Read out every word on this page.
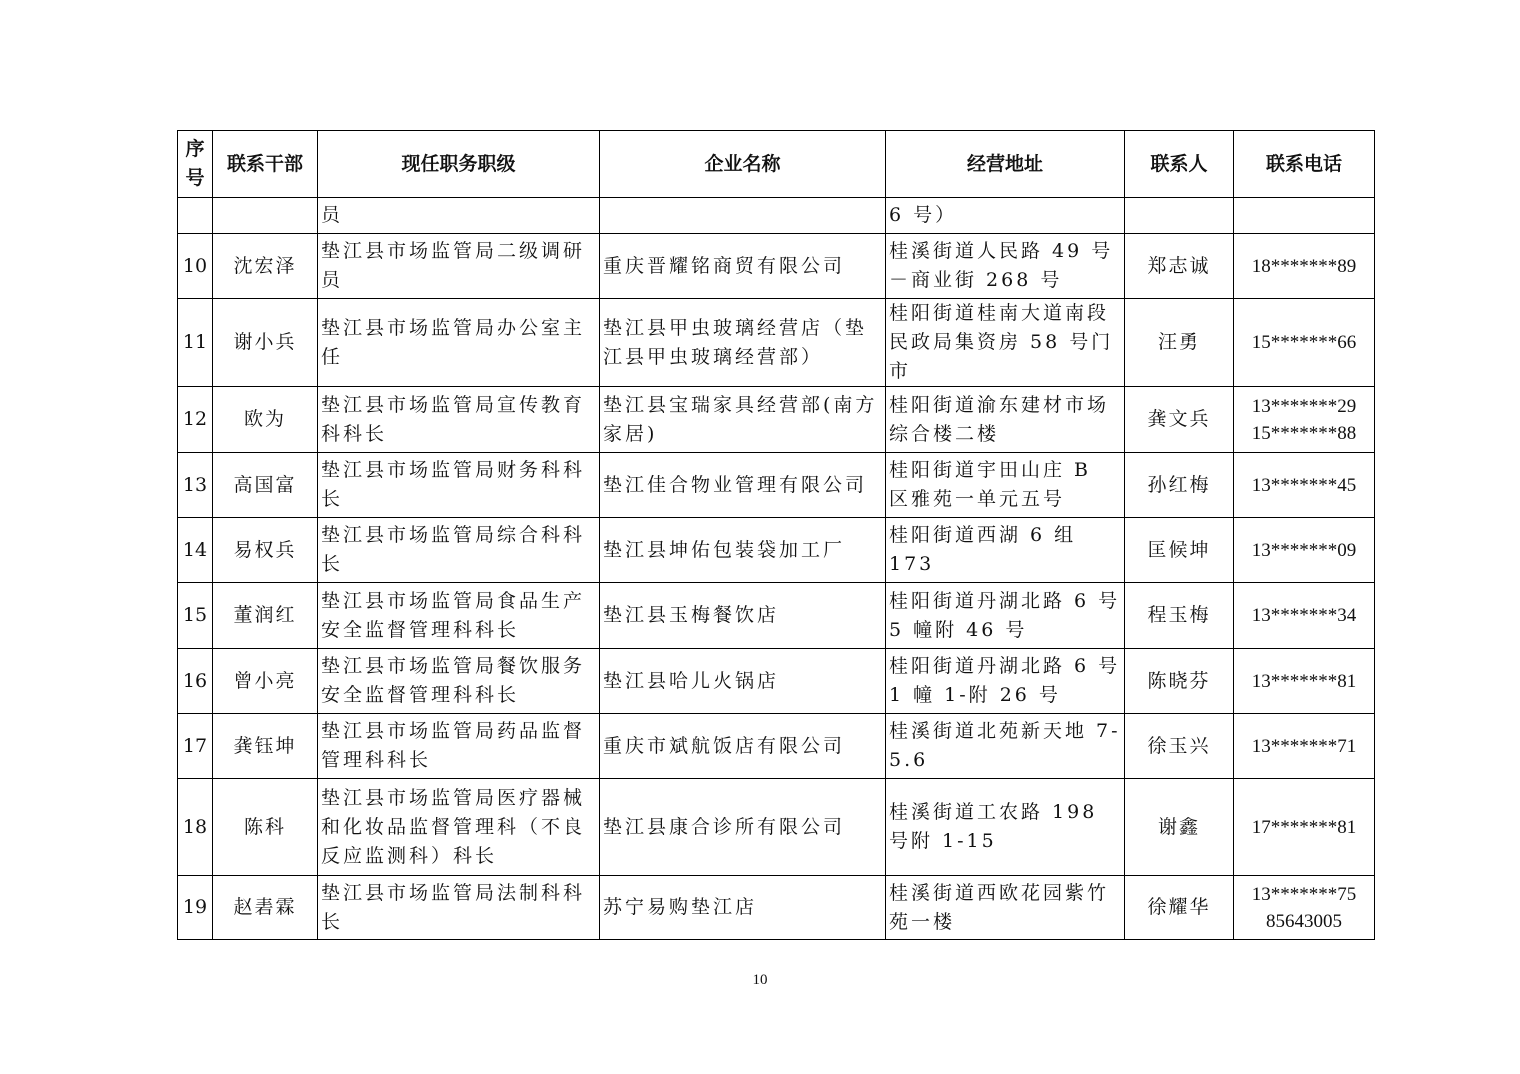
序号	联系干部	现任职务职级	企业名称	经营地址	联系人	联系电话
		员		6 号）		
10	沈宏泽	垫江县市场监管局二级调研员	重庆晋耀铭商贸有限公司	桂溪街道人民路 49 号－商业街 268 号	郑志诚	18*******89

11	谢小兵	垫江县市场监管局办公室主任	垫江县甲虫玻璃经营店（垫江县甲虫玻璃经营部）	桂阳街道桂南大道南段民政局集资房 58 号门市	汪勇	15*******66

12	欧为	垫江县市场监管局宣传教育科科长	垫江县宝瑞家具经营部(南方家居)	桂阳街道渝东建材市场综合楼二楼	龚文兵	13*******29
15*******88

13	高国富	垫江县市场监管局财务科科长	垫江佳合物业管理有限公司	桂阳街道宇田山庄 B 区雅苑一单元五号	孙红梅	13*******45

14	易权兵	垫江县市场监管局综合科科长	垫江县坤佑包装袋加工厂	桂阳街道西湖 6 组 173	匡候坤	13*******09

15	董润红	垫江县市场监管局食品生产安全监督管理科科长	垫江县玉梅餐饮店	桂阳街道丹湖北路 6 号 5 幢附 46 号	程玉梅	13*******34

16	曾小亮	垫江县市场监管局餐饮服务安全监督管理科科长	垫江县哈儿火锅店	桂阳街道丹湖北路 6 号 1 幢 1-附 26 号	陈晓芬	13*******81

17	龚钰坤	垫江县市场监管局药品监督管理科科长	重庆市斌航饭店有限公司	桂溪街道北苑新天地 7-5.6	徐玉兴	13*******71

18	陈科	垫江县市场监管局医疗器械和化妆品监督管理科（不良反应监测科）科长	垫江县康合诊所有限公司	桂溪街道工农路 198 号附 1-15	谢鑫	17*******81

19	赵砉霖	垫江县市场监管局法制科科长	苏宁易购垫江店	桂溪街道西欧花园紫竹苑一楼	徐耀华	13*******75
85643005
10
